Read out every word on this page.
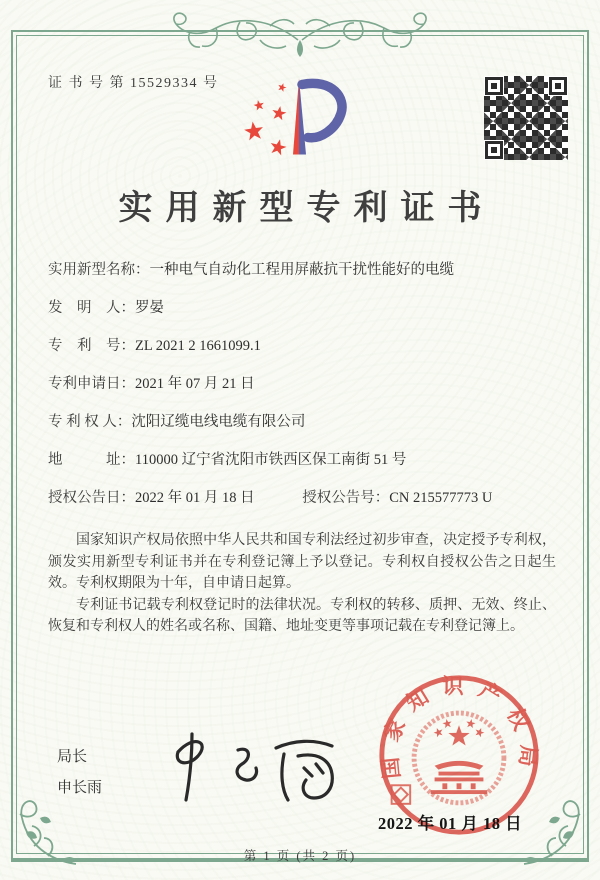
证 书 号 第 15529334 号
实用新型专利证书
实用新型名称：一种电气自动化工程用屏蔽抗干扰性能好的电缆
发　明　人：罗晏
专　利　号：ZL 2021 2 1661099.1
专利申请日：2021 年 07 月 21 日
专 利 权 人：沈阳辽缆电线电缆有限公司
地　　　址：110000 辽宁省沈阳市铁西区保工南街 51 号
授权公告日：2022 年 01 月 18 日	授权公告号：CN 215577773 U

国家知识产权局依照中华人民共和国专利法经过初步审查，决定授予专利权，颁发实用新型专利证书并在专利登记簿上予以登记。专利权自授权公告之日起生效。专利权期限为十年，自申请日起算。

专利证书记载专利权登记时的法律状况。专利权的转移、质押、无效、终止、恢复和专利权人的姓名或名称、国籍、地址变更等事项记载在专利登记簿上。

局长
申长雨
国家知识产权局
2022 年 01 月 18 日
第 1 页 (共 2 页)
